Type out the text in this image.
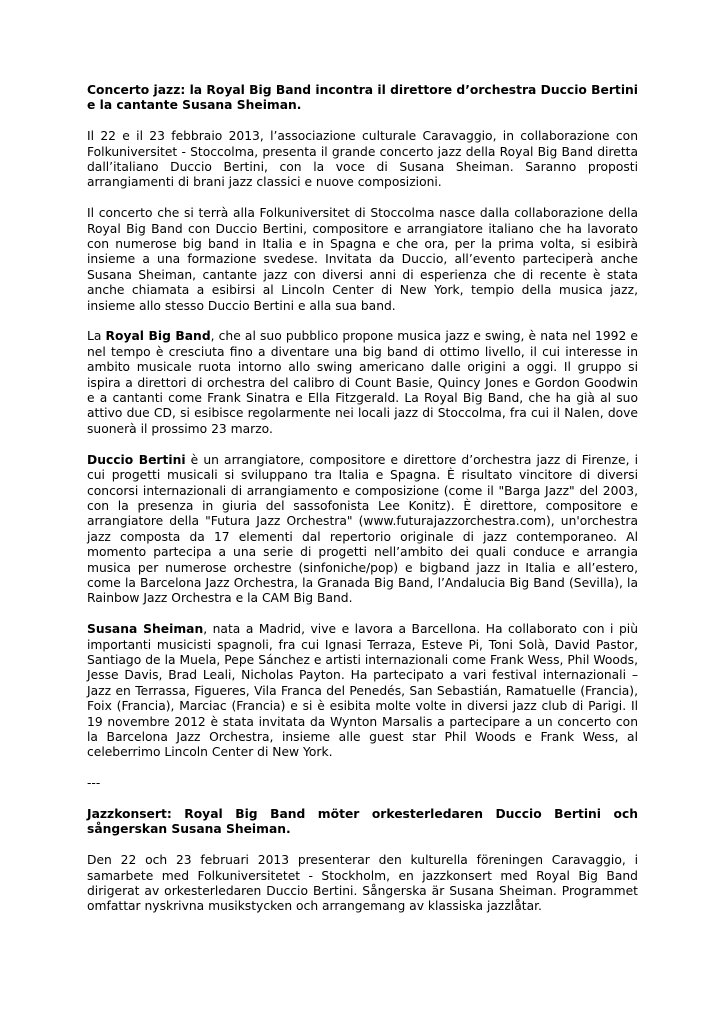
Concerto jazz: la Royal Big Band incontra il direttore d’orchestra Duccio Bertini e la cantante Susana Sheiman.

Il 22 e il 23 febbraio 2013, l’associazione culturale Caravaggio, in collaborazione con Folkuniversitet - Stoccolma, presenta il grande concerto jazz della Royal Big Band diretta dall’italiano Duccio Bertini, con la voce di Susana Sheiman. Saranno proposti arrangiamenti di brani jazz classici e nuove composizioni.

Il concerto che si terrà alla Folkuniversitet di Stoccolma nasce dalla collaborazione della Royal Big Band con Duccio Bertini, compositore e arrangiatore italiano che ha lavorato con numerose big band in Italia e in Spagna e che ora, per la prima volta, si esibirà insieme a una formazione svedese. Invitata da Duccio, all’evento parteciperà anche Susana Sheiman, cantante jazz con diversi anni di esperienza che di recente è stata anche chiamata a esibirsi al Lincoln Center di New York, tempio della musica jazz, insieme allo stesso Duccio Bertini e alla sua band.

La Royal Big Band, che al suo pubblico propone musica jazz e swing, è nata nel 1992 e nel tempo è cresciuta fino a diventare una big band di ottimo livello, il cui interesse in ambito musicale ruota intorno allo swing americano dalle origini a oggi. Il gruppo si ispira a direttori di orchestra del calibro di Count Basie, Quincy Jones e Gordon Goodwin e a cantanti come Frank Sinatra e Ella Fitzgerald. La Royal Big Band, che ha già al suo attivo due CD, si esibisce regolarmente nei locali jazz di Stoccolma, fra cui il Nalen, dove suonerà il prossimo 23 marzo.

Duccio Bertini è un arrangiatore, compositore e direttore d’orchestra jazz di Firenze, i cui progetti musicali si sviluppano tra Italia e Spagna. È risultato vincitore di diversi concorsi internazionali di arrangiamento e composizione (come il "Barga Jazz" del 2003, con la presenza in giuria del sassofonista Lee Konitz). È direttore, compositore e arrangiatore della "Futura Jazz Orchestra" (www.futurajazzorchestra.com), un'orchestra jazz composta da 17 elementi dal repertorio originale di jazz contemporaneo. Al momento partecipa a una serie di progetti nell’ambito dei quali conduce e arrangia musica per numerose orchestre (sinfoniche/pop) e bigband jazz in Italia e all’estero, come la Barcelona Jazz Orchestra, la Granada Big Band, l’Andalucia Big Band (Sevilla), la Rainbow Jazz Orchestra e la CAM Big Band.

Susana Sheiman, nata a Madrid, vive e lavora a Barcellona. Ha collaborato con i più importanti musicisti spagnoli, fra cui Ignasi Terraza, Esteve Pi, Toni Solà, David Pastor, Santiago de la Muela, Pepe Sánchez e artisti internazionali come Frank Wess, Phil Woods, Jesse Davis, Brad Leali, Nicholas Payton. Ha partecipato a vari festival internazionali – Jazz en Terrassa, Figueres, Vila Franca del Penedés, San Sebastián, Ramatuelle (Francia), Foix (Francia), Marciac (Francia) e si è esibita molte volte in diversi jazz club di Parigi. Il 19 novembre 2012 è stata invitata da Wynton Marsalis a partecipare a un concerto con la Barcelona Jazz Orchestra, insieme alle guest star Phil Woods e Frank Wess, al celeberrimo Lincoln Center di New York.

---
Jazzkonsert: Royal Big Band möter orkesterledaren Duccio Bertini och sångerskan Susana Sheiman.

Den 22 och 23 februari 2013 presenterar den kulturella föreningen Caravaggio, i samarbete med Folkuniversitetet - Stockholm, en jazzkonsert med Royal Big Band dirigerat av orkesterledaren Duccio Bertini. Sångerska är Susana Sheiman. Programmet omfattar nyskrivna musikstycken och arrangemang av klassiska jazzlåtar.
